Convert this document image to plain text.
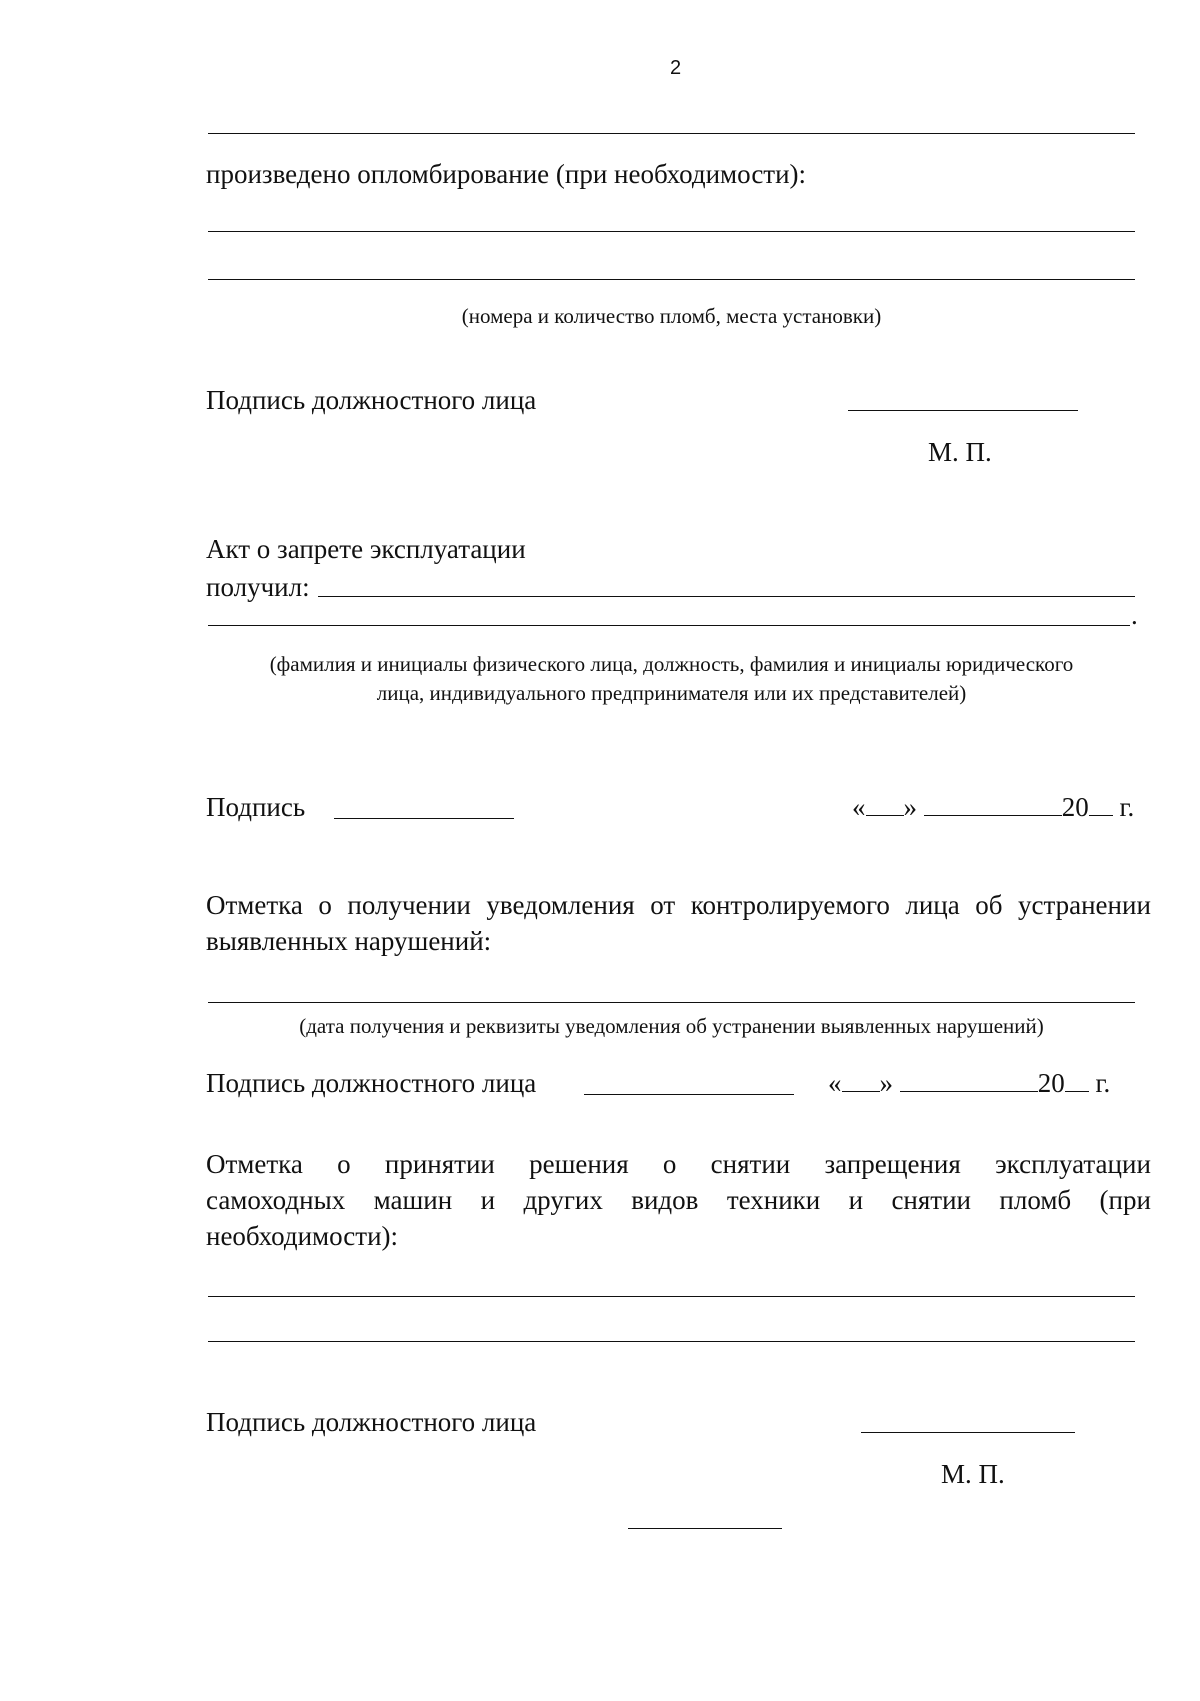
2
произведено опломбирование (при необходимости):
(номера и количество пломб, места установки)
Подпись должностного лица
М. П.
Акт о запрете эксплуатации
получил:
.
(фамилия и инициалы физического лица, должность, фамилия и инициалы юридического
лица, индивидуального предпринимателя или их представителей)
Подпись	« »	20 г.
Отметка о получении уведомления от контролируемого лица об устранении
выявленных нарушений:
(дата получения и реквизиты уведомления об устранении выявленных нарушений)
Подпись должностного лица	« »	20 г.
Отметка о принятии решения о снятии запрещения эксплуатации
самоходных машин и других видов техники и снятии пломб (при
необходимости):
Подпись должностного лица
М. П.
